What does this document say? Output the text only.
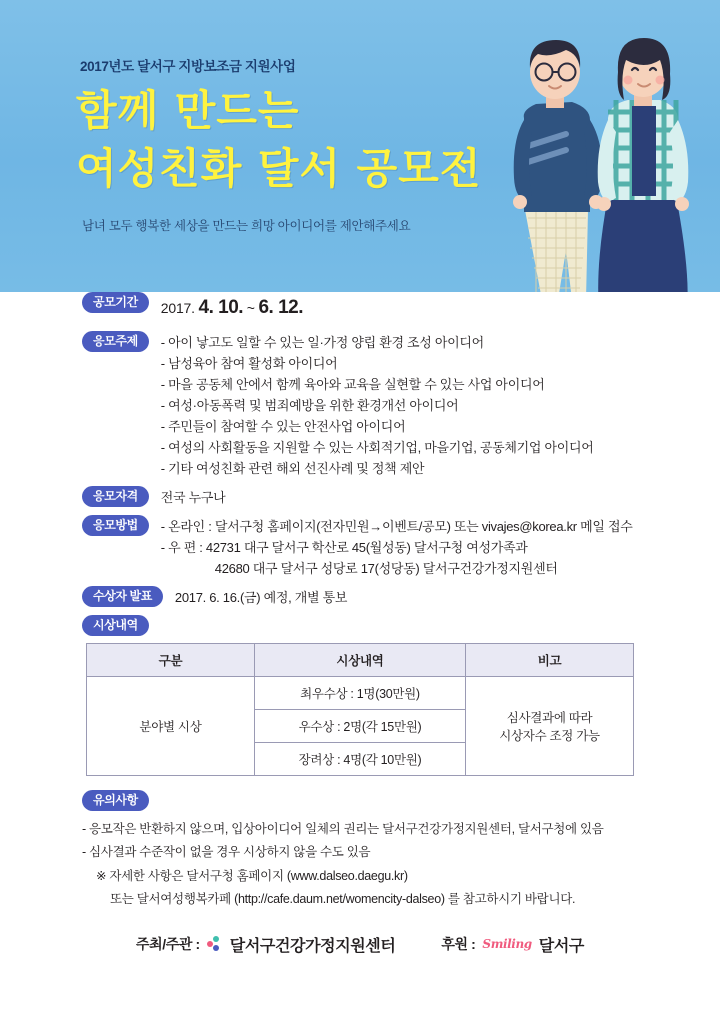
2017년도 달서구 지방보조금 지원사업
함께 만드는
여성친화 달서 공모전
남녀 모두 행복한 세상을 만드는 희망 아이디어를 제안해주세요
공모기간	2017. 4. 10. ~ 6. 12.
응모주제	- 아이 낳고도 일할 수 있는 일·가정 양립 환경 조성 아이디어
- 남성육아 참여 활성화 아이디어
- 마을 공동체 안에서 함께 육아와 교육을 실현할 수 있는 사업 아이디어
- 여성·아동폭력 및 범죄예방을 위한 환경개선 아이디어
- 주민들이 참여할 수 있는 안전사업 아이디어
- 여성의 사회활동을 지원할 수 있는 사회적기업, 마을기업, 공동체기업 아이디어
- 기타 여성친화 관련 해외 선진사례 및 정책 제안
응모자격	전국 누구나
응모방법	- 온라인 : 달서구청 홈페이지(전자민원→이벤트/공모) 또는 vivajes@korea.kr 메일 접수
- 우 편 : 42731 대구 달서구 학산로 45(월성동) 달서구청 여성가족과
42680 대구 달서구 성당로 17(성당동) 달서구건강가정지원센터
수상자 발표	2017. 6. 16.(금) 예정, 개별 통보
시상내역
구분	시상내역	비고
분야별 시상	최우수상 : 1명(30만원)	심사결과에 따라
시상자수 조정 가능
	우수상 : 2명(각 15만원)	
	장려상 : 4명(각 10만원)	
유의사항
- 응모작은 반환하지 않으며, 입상아이디어 일체의 권리는 달서구건강가정지원센터, 달서구청에 있음
- 심사결과 수준작이 없을 경우 시상하지 않을 수도 있음
※ 자세한 사항은 달서구청 홈페이지 (www.dalseo.daegu.kr)
또는 달서여성행복카페 (http://cafe.daum.net/womencity-dalseo) 를 참고하시기 바랍니다.
주최/주관 : 달서구건강가정지원센터	후원 : Smiling 달서구
